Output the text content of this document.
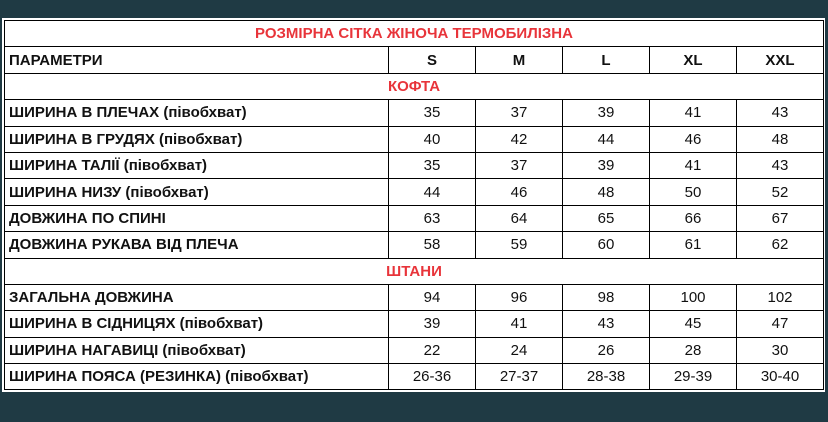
РОЗМІРНА СІТКА ЖІНОЧА ТЕРМОБИЛІЗНА					
ПАРАМЕТРИ	S	M	L	XL	XXL
КОФТА					
ШИРИНА В ПЛЕЧАХ (півобхват)	35	37	39	41	43
ШИРИНА В ГРУДЯХ (півобхват)	40	42	44	46	48
ШИРИНА ТАЛІЇ (півобхват)	35	37	39	41	43
ШИРИНА НИЗУ (півобхват)	44	46	48	50	52
ДОВЖИНА ПО СПИНІ	63	64	65	66	67
ДОВЖИНА РУКАВА ВІД ПЛЕЧА	58	59	60	61	62
ШТАНИ					
ЗАГАЛЬНА ДОВЖИНА	94	96	98	100	102
ШИРИНА В СІДНИЦЯХ (півобхват)	39	41	43	45	47
ШИРИНА НАГАВИЦІ (півобхват)	22	24	26	28	30
ШИРИНА ПОЯСА (РЕЗИНКА) (півобхват)	26-36	27-37	28-38	29-39	30-40
